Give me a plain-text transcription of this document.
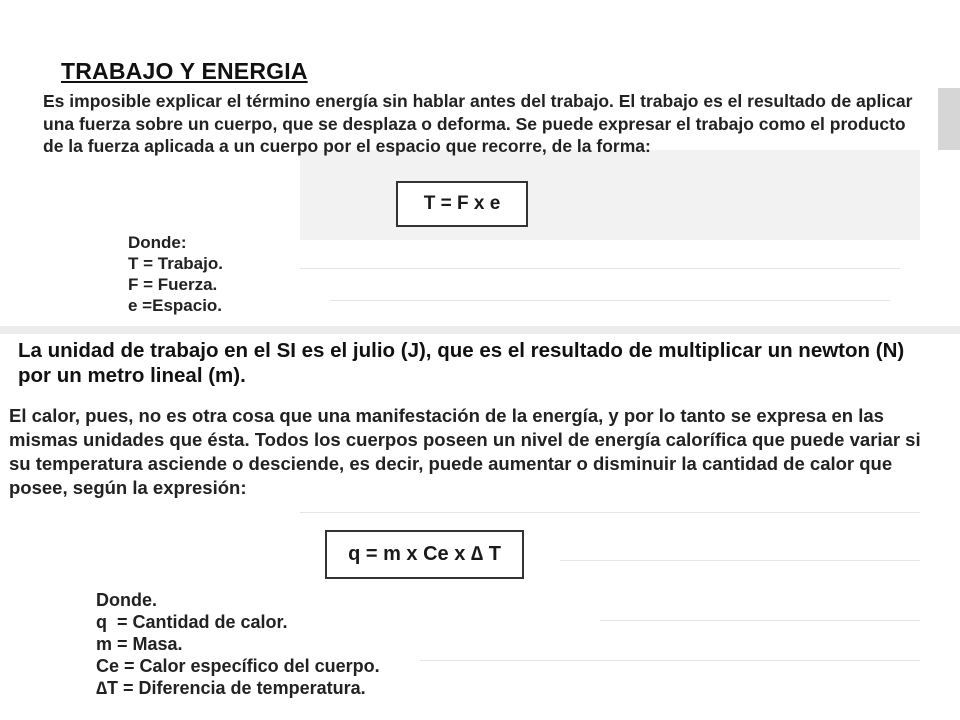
TRABAJO Y ENERGIA
Es imposible explicar el término energía sin hablar antes del trabajo. El trabajo es el resultado de aplicar una fuerza sobre un cuerpo, que se desplaza o deforma. Se puede expresar el trabajo como el producto de la fuerza aplicada a un cuerpo por el espacio que recorre, de la forma:
T = F x e
Donde:
T = Trabajo.
F = Fuerza.
e =Espacio.
La unidad de trabajo en el SI es el julio (J), que es el resultado de multiplicar un newton (N) por un metro lineal (m).
El calor, pues, no es otra cosa que una manifestación de la energía, y por lo tanto se expresa en las mismas unidades que ésta. Todos los cuerpos poseen un nivel de energía calorífica que puede variar si su temperatura asciende o desciende, es decir, puede aumentar o disminuir la cantidad de calor que posee, según la expresión:
q = m x Ce x ∆ T
Donde.
q  = Cantidad de calor.
m = Masa.
Ce = Calor específico del cuerpo.
∆T = Diferencia de temperatura.
